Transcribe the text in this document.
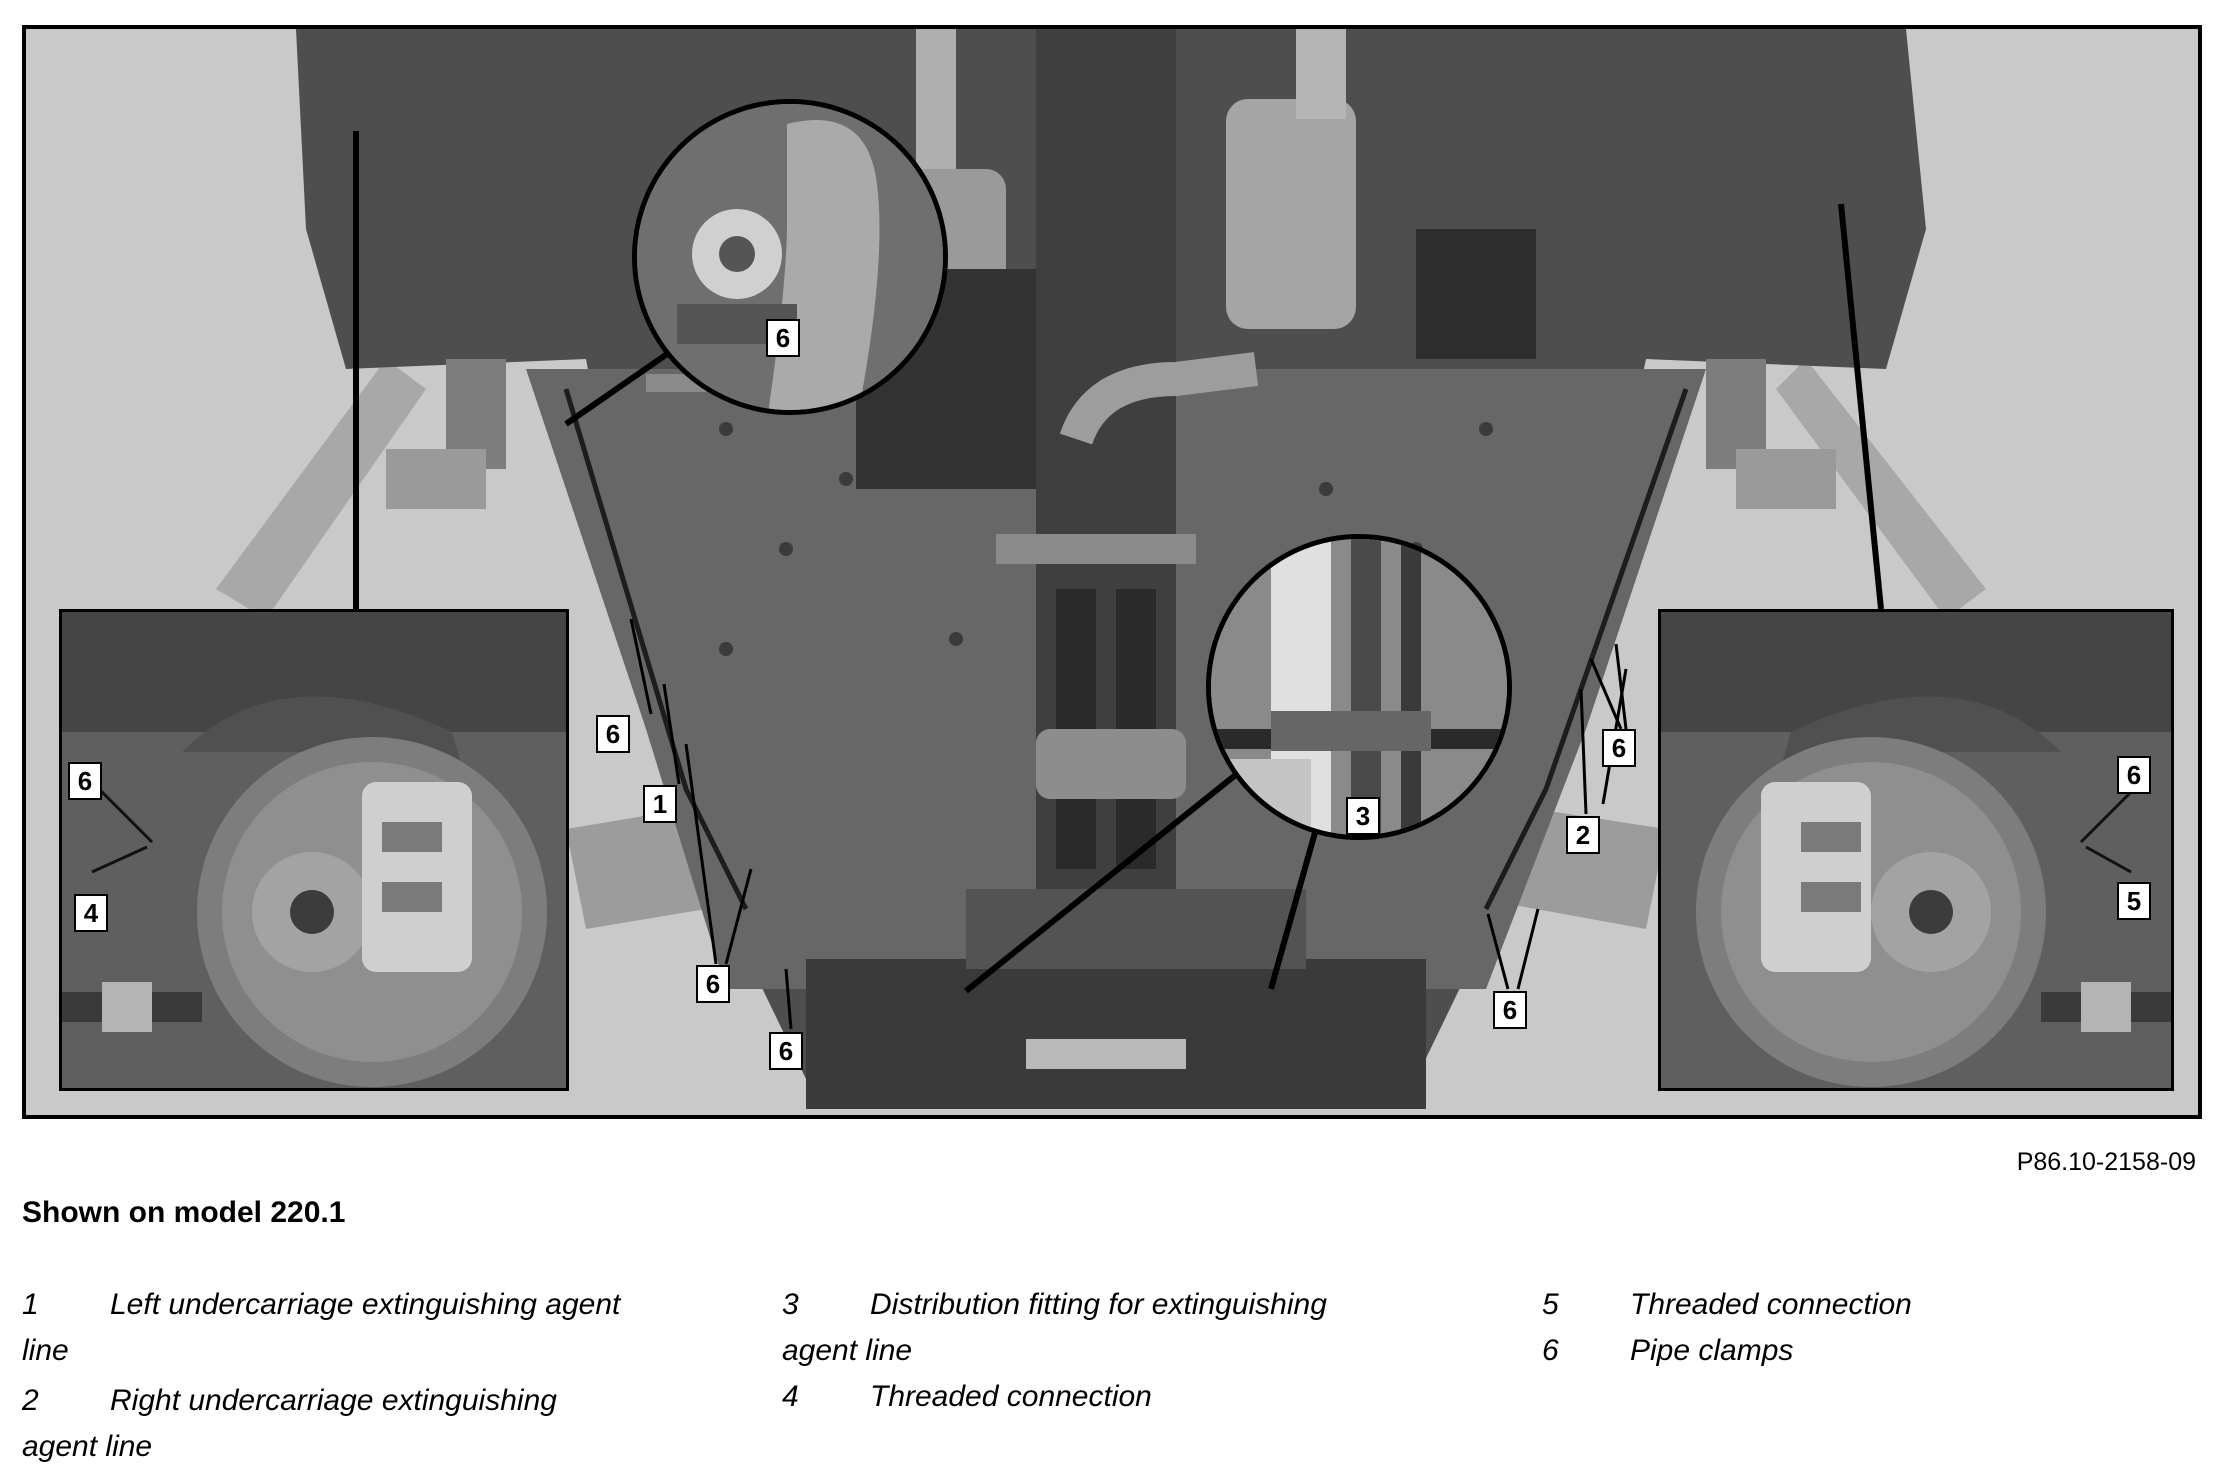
6
6
1
6
6
3
2
6
6
6
4
6
5
P86.10-2158-09
Shown on model 220.1
1 Left undercarriage extinguishing agent
line
2 Right undercarriage extinguishing
agent line
3 Distribution fitting for extinguishing
agent line
4 Threaded connection
5 Threaded connection
6 Pipe clamps
